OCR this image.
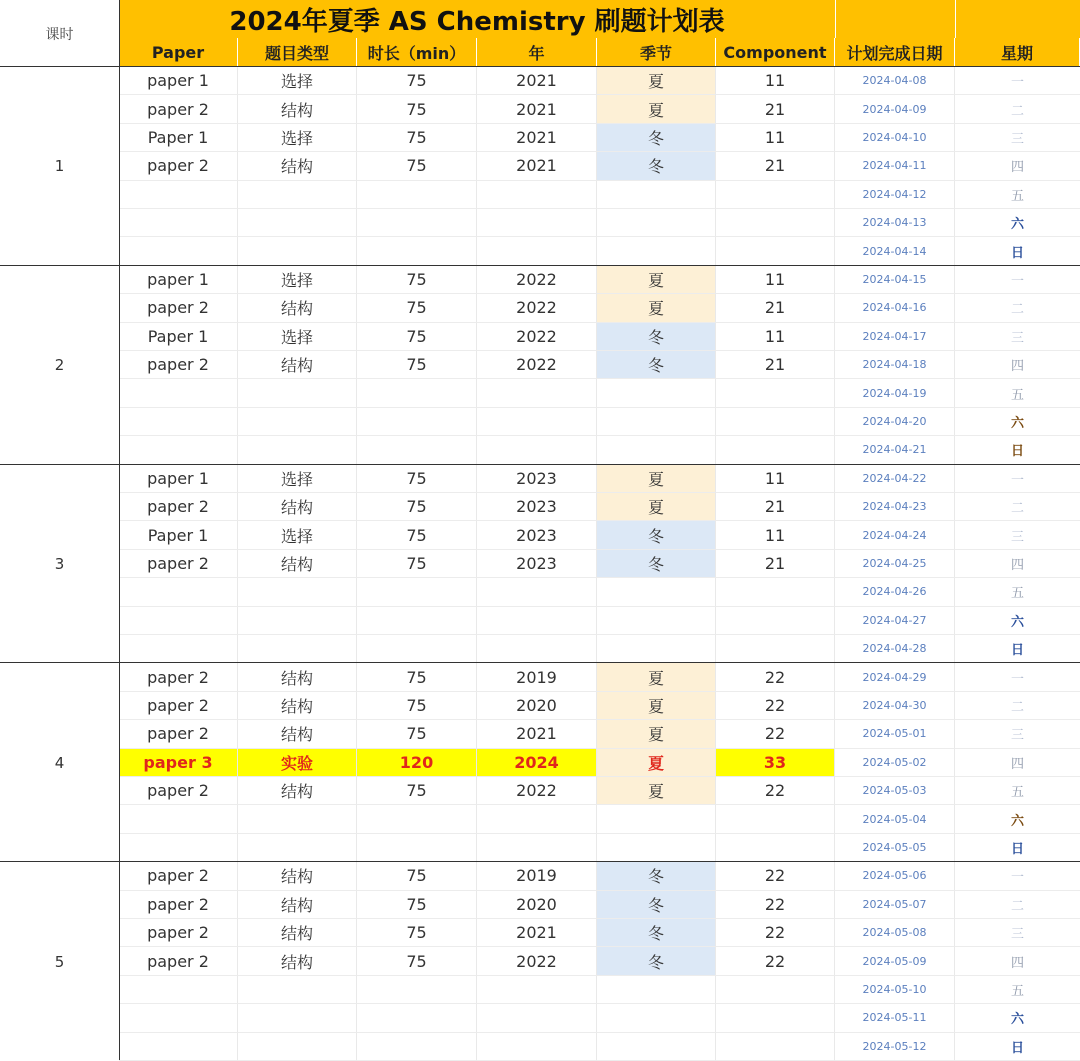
课时	2024年夏季 AS Chemistry 刷题计划表
Paper	题目类型	时长（min）	年	季节	Component	计划完成日期	星期
1
paper 1	选择	75	2021	夏	11	2024-04-08	一
paper 2	结构	75	2021	夏	21	2024-04-09	二
Paper 1	选择	75	2021	冬	11	2024-04-10	三
paper 2	结构	75	2021	冬	21	2024-04-11	四
2024-04-12	五
2024-04-13	六
2024-04-14	日
2
paper 1	选择	75	2022	夏	11	2024-04-15	一
paper 2	结构	75	2022	夏	21	2024-04-16	二
Paper 1	选择	75	2022	冬	11	2024-04-17	三
paper 2	结构	75	2022	冬	21	2024-04-18	四
2024-04-19	五
2024-04-20	六
2024-04-21	日
3
paper 1	选择	75	2023	夏	11	2024-04-22	一
paper 2	结构	75	2023	夏	21	2024-04-23	二
Paper 1	选择	75	2023	冬	11	2024-04-24	三
paper 2	结构	75	2023	冬	21	2024-04-25	四
2024-04-26	五
2024-04-27	六
2024-04-28	日
4
paper 2	结构	75	2019	夏	22	2024-04-29	一
paper 2	结构	75	2020	夏	22	2024-04-30	二
paper 2	结构	75	2021	夏	22	2024-05-01	三
paper 3	实验	120	2024	夏	33	2024-05-02	四
paper 2	结构	75	2022	夏	22	2024-05-03	五
2024-05-04	六
2024-05-05	日
5
paper 2	结构	75	2019	冬	22	2024-05-06	一
paper 2	结构	75	2020	冬	22	2024-05-07	二
paper 2	结构	75	2021	冬	22	2024-05-08	三
paper 2	结构	75	2022	冬	22	2024-05-09	四
2024-05-10	五
2024-05-11	六
2024-05-12	日
